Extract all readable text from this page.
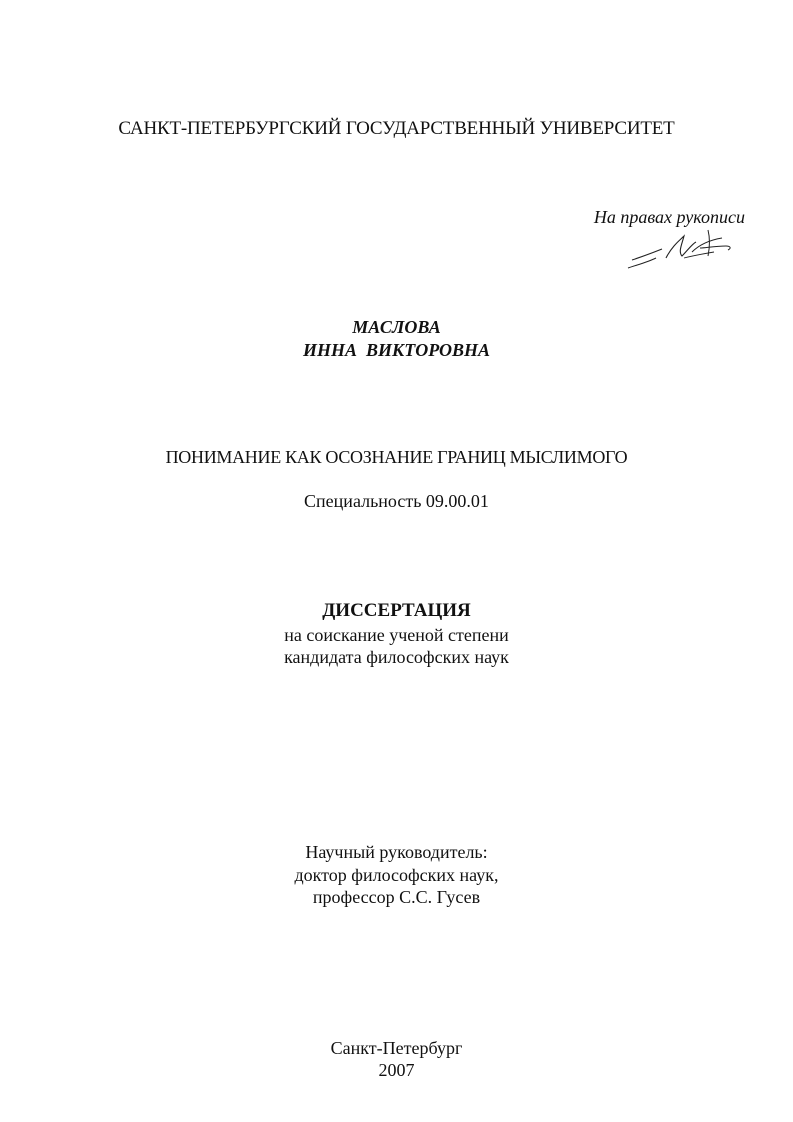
САНКТ-ПЕТЕРБУРГСКИЙ ГОСУДАРСТВЕННЫЙ УНИВЕРСИТЕТ
На правах рукописи
МАСЛОВА
ИННА  ВИКТОРОВНА
ПОНИМАНИЕ КАК ОСОЗНАНИЕ ГРАНИЦ МЫСЛИМОГО
Специальность 09.00.01
ДИССЕРТАЦИЯ
на соискание ученой степени
кандидата философских наук
Научный руководитель:
доктор философских наук,
профессор С.С. Гусев
Санкт-Петербург
2007
